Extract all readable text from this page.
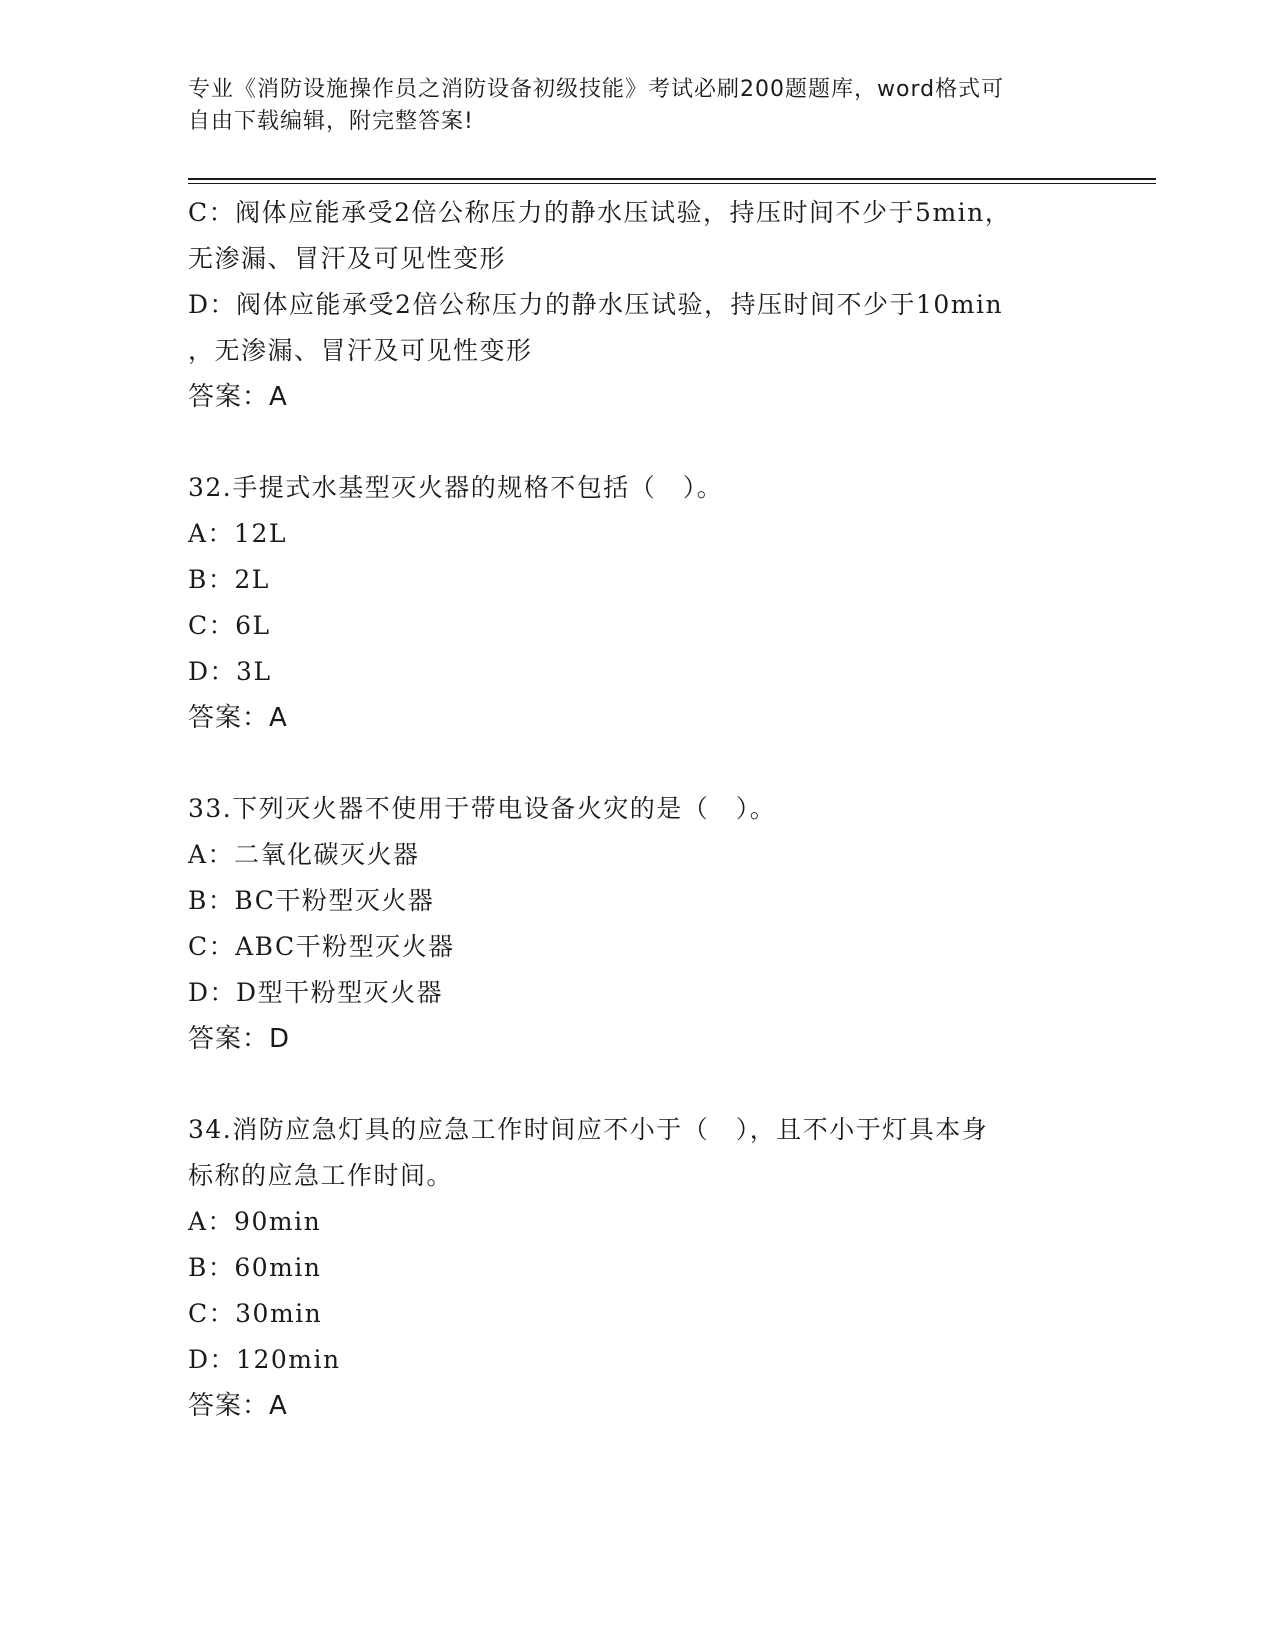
专业《消防设施操作员之消防设备初级技能》考试必刷200题题库，word格式可
自由下载编辑，附完整答案!
C：阀体应能承受2倍公称压力的静水压试验，持压时间不少于5min，
无渗漏、冒汗及可见性变形
D：阀体应能承受2倍公称压力的静水压试验，持压时间不少于10min
，无渗漏、冒汗及可见性变形
答案：A
32.手提式水基型灭火器的规格不包括（　）。
A：12L
B：2L
C：6L
D：3L
答案：A
33.下列灭火器不使用于带电设备火灾的是（　）。
A：二氧化碳灭火器
B：BC干粉型灭火器
C：ABC干粉型灭火器
D：D型干粉型灭火器
答案：D
34.消防应急灯具的应急工作时间应不小于（　），且不小于灯具本身
标称的应急工作时间。
A：90min
B：60min
C：30min
D：120min
答案：A
